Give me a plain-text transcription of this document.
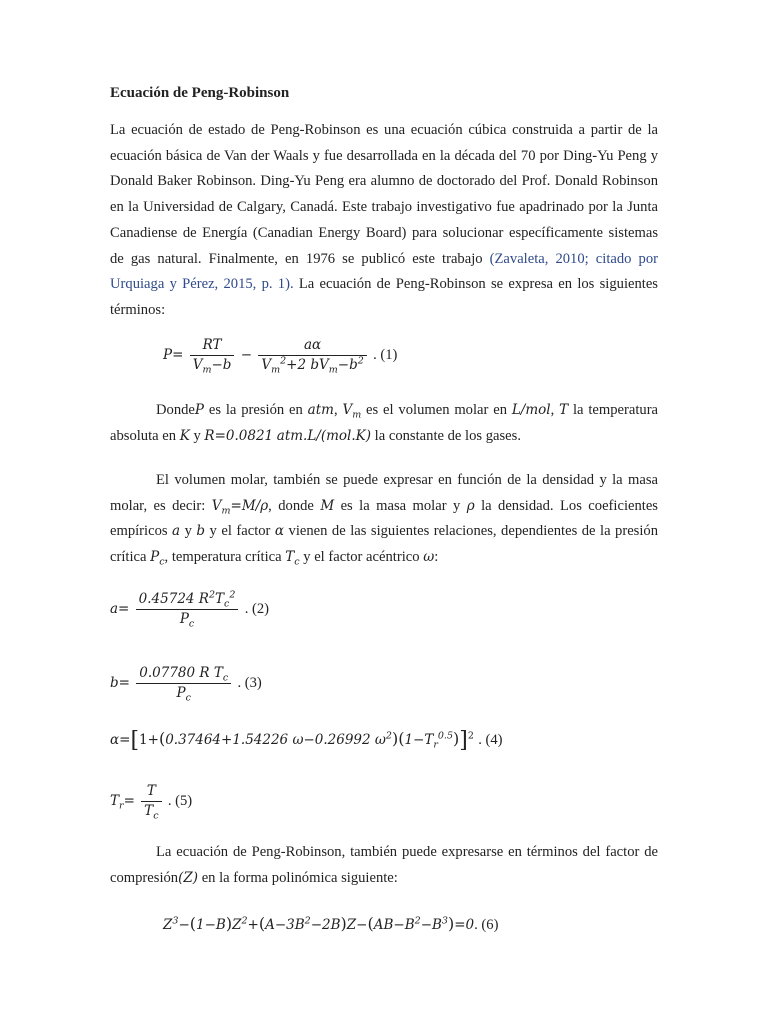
Ecuación de Peng-Robinson
La ecuación de estado de Peng-Robinson es una ecuación cúbica construida a partir de la ecuación básica de Van der Waals y fue desarrollada en la década del 70 por Ding-Yu Peng y Donald Baker Robinson. Ding-Yu Peng era alumno de doctorado del Prof. Donald Robinson en la Universidad de Calgary, Canadá. Este trabajo investigativo fue apadrinado por la Junta Canadiense de Energía (Canadian Energy Board) para solucionar específicamente sistemas de gas natural. Finalmente, en 1976 se publicó este trabajo (Zavaleta, 2010; citado por Urquiaga y Pérez, 2015, p. 1). La ecuación de Peng-Robinson se expresa en los siguientes términos:
$P= \frac{RT}{V_m-b} - \frac{a\alpha}{V_m^2+2 bV_m-b^2}$ . (1)
DondeP es la presión en atm, $V_m$ es el volumen molar en L/mol, T la temperatura absoluta en K y R=0.0821 atm.L/(mol.K) la constante de los gases.
El volumen molar, también se puede expresar en función de la densidad y la masa molar, es decir: $V_m=M/\rho$, donde M es la masa molar y ρ la densidad. Los coeficientes empíricos a y b y el factor α vienen de las siguientes relaciones, dependientes de la presión crítica $P_c$, temperatura crítica $T_c$ y el factor acéntrico ω:
$a= \frac{0.45724 R^2T_c^2}{P_c}$ . (2)
$b= \frac{0.07780 R T_c}{P_c}$ . (3)
α=[1+(0.37464+1.54226 ω−0.26992 $\omega^2)(1-T_r^{0.5})]^2$ . (4)
$T_r= \frac{T}{T_c}$ . (5)
La ecuación de Peng-Robinson, también puede expresarse en términos del factor de compresión(Z) en la forma polinómica siguiente:
$Z^3-(1-B)Z^2+(A-3B^2-2B)Z-(AB-B^2-B^3)=0$. (6)
